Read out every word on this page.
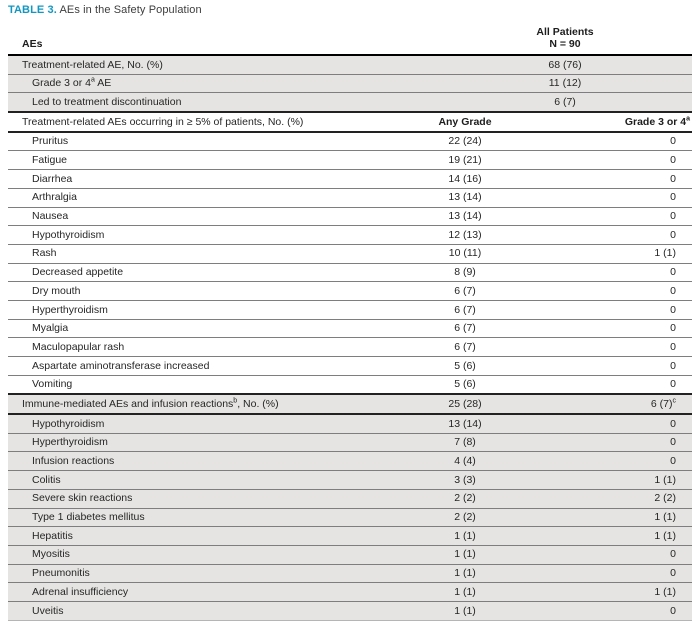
TABLE 3. AEs in the Safety Population
AEs	All Patients
N = 90	

Treatment-related AE, No. (%)	68 (76)	
Grade 3 or 4$^a$ AE	11 (12)	
Led to treatment discontinuation	6 (7)	
Treatment-related AEs occurring in ≥ 5% of patients, No. (%)	Any Grade	Grade 3 or 4$^a$
Pruritus	22 (24)	0
Fatigue	19 (21)	0
Diarrhea	14 (16)	0
Arthralgia	13 (14)	0
Nausea	13 (14)	0
Hypothyroidism	12 (13)	0
Rash	10 (11)	1 (1)
Decreased appetite	8 (9)	0
Dry mouth	6 (7)	0
Hyperthyroidism	6 (7)	0
Myalgia	6 (7)	0
Maculopapular rash	6 (7)	0
Aspartate aminotransferase increased	5 (6)	0
Vomiting	5 (6)	0
Immune-mediated AEs and infusion reactions$^b$, No. (%)	25 (28)	6 $(7)^c$
Hypothyroidism	13 (14)	0
Hyperthyroidism	7 (8)	0
Infusion reactions	4 (4)	0
Colitis	3 (3)	1 (1)
Severe skin reactions	2 (2)	2 (2)
Type 1 diabetes mellitus	2 (2)	1 (1)
Hepatitis	1 (1)	1 (1)
Myositis	1 (1)	0
Pneumonitis	1 (1)	0
Adrenal insufficiency	1 (1)	1 (1)
Uveitis	1 (1)	0
